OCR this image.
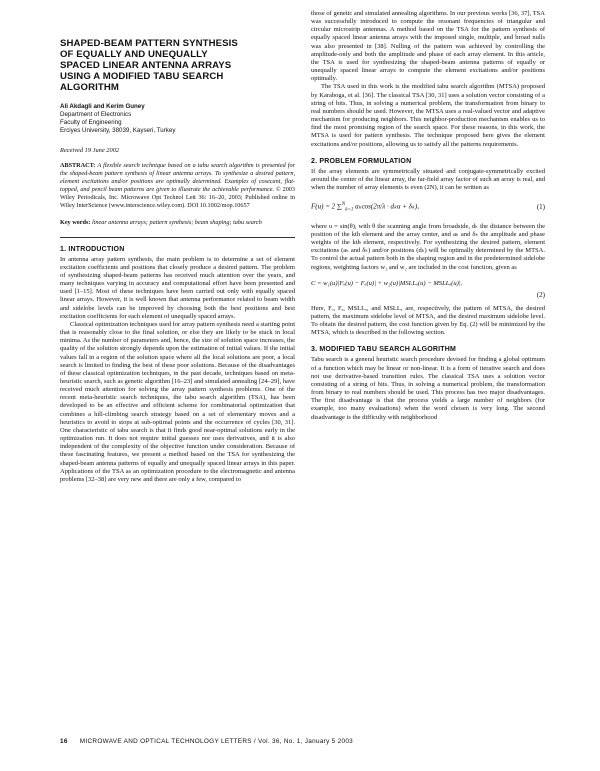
SHAPED-BEAM PATTERN SYNTHESIS
OF EQUALLY AND UNEQUALLY
SPACED LINEAR ANTENNA ARRAYS
USING A MODIFIED TABU SEARCH
ALGORITHM
Ali Akdagli and Kerim Guney
Department of Electronics
Faculty of Engineering
Erciyes University, 38039, Kayseri, Turkey
Received 19 June 2002
ABSTRACT: A flexible search technique based on a tabu search algorithm is presented for the shaped-beam pattern synthesis of linear antenna arrays. To synthesize a desired pattern, element excitations and/or positions are optimally determined. Examples of cosecant, flat-topped, and pencil beam patterns are given to illustrate the achievable performance. © 2003 Wiley Periodicals, Inc. Microwave Opt Technol Lett 36: 16–20, 2003; Published online in Wiley InterScience (www.interscience.wiley.com). DOI 10.1002/mop.10657
Key words: linear antenna arrays; pattern synthesis; beam shaping; tabu search
1. INTRODUCTION

In antenna array pattern synthesis, the main problem is to determine a set of element excitation coefficients and positions that closely produce a desired pattern. The problem of synthesizing shaped-beam patterns has received much attention over the years, and many techniques varying in accuracy and computational effort have been presented and used [1–15]. Most of these techniques have been carried out only with equally spaced linear arrays. However, it is well known that antenna performance related to beam width and sidelobe levels can be improved by choosing both the best positions and best excitation coefficients for each element of unequally spaced arrays.

Classical optimization techniques used for array pattern synthesis need a starting point that is reasonably close to the final solution, or else they are likely to be stuck in local minima. As the number of parameters and, hence, the size of solution space increases, the quality of the solution strongly depends upon the estimation of initial values. If the initial values fall in a region of the solution space where all the local solutions are poor, a local search is limited to finding the best of these poor solutions. Because of the disadvantages of these classical optimization techniques, in the past decade, techniques based on meta-heuristic search, such as genetic algorithm [16–23] and simulated annealing [24–29], have received much attention for solving the array pattern synthesis problems. One of the recent meta-heuristic search techniques, the tabu search algorithm (TSA), has been developed to be an effective and efficient scheme for combinatorial optimization that combines a hill-climbing search strategy based on a set of elementary moves and a heuristics to avoid to stops at sub-optimal points and the occurrence of cycles [30, 31]. One characteristic of tabu search is that it finds good near-optimal solutions early in the optimization run. It does not require initial guesses nor uses derivatives, and it is also independent of the complexity of the objective function under consideration. Because of these fascinating features, we present a method based on the TSA for synthesizing the shaped-beam antenna patterns of equally and unequally spaced linear arrays in this paper. Applications of the TSA as an optimization procedure to the electromagnetic and antenna problems [32–38] are very new and there are only a few, compared to

those of genetic and simulated annealing algorithms. In our previous works [36, 37], TSA was successfully introduced to compute the resonant frequencies of triangular and circular microstrip antennas. A method based on the TSA for the pattern synthesis of equally spaced linear antenna arrays with the imposed single, multiple, and broad nulls was also presented in [38]. Nulling of the pattern was achieved by controlling the amplitude-only and both the amplitude and phase of each array element. In this article, the TSA is used for synthesizing the shaped-beam antenna patterns of equally or unequally spaced linear arrays to compute the element excitations and/or positions optimally.

The TSA used in this work is the modified tabu search algorithm (MTSA) proposed by Karaboga, et al. [36]. The classical TSA [30, 31] uses a solution vector consisting of a string of bits. Thus, in solving a numerical problem, the transformation from binary to real numbers should be used. However, the MTSA uses a real-valued vector and adaptive mechanism for producing neighbors. This neighbor-production mechanism enables us to find the most promising region of the search space. For these reasons, in this work, the MTSA is used for pattern synthesis. The technique proposed here gives the element excitations and/or positions, allowing us to satisfy all the patterns requirements.

2. PROBLEM FORMULATION

If the array elements are symmetrically situated and conjugate-symmetrically excited around the center of the linear array, the far-field array factor of such an array is real, and when the number of array elements is even (2N), it can be written as

F(u) = 2 ∑$^N_{k=1}$ aₖcos(2π/λ · dₖu + δₖ),	(1)

where u = sin(θ), with θ the scanning angle from broadside, dₖ the distance between the position of the kth element and the array center, and aₖ and δₖ the amplitude and phase weights of the kth element, respectively. For synthesizing the desired pattern, element excitations (aₖ and δₖ) and/or positions (dₖ) will be optimally determined by the MTSA. To control the actual pattern both in the shaping region and in the predetermined sidelobe regions, weighting factors w₁ and w₂ are included in the cost function, given as

C = w₁(u)|Fₒ(u) − Fₑ(u)| + w₂(u)|MSLLₒ(u) − MSLLₑ(u)|.
(2)

Here, Fₒ, Fₑ, MSLLₒ, and MSLLₑ are, respectively, the pattern of MTSA, the desired pattern, the maximum sidelobe level of MTSA, and the desired maximum sidelobe level. To obtain the desired pattern, the cost function given by Eq. (2) will be minimized by the MTSA, which is described in the following section.

3. MODIFIED TABU SEARCH ALGORITHM

Tabu search is a general heuristic search procedure devised for finding a global optimum of a function which may be linear or non-linear. It is a form of iterative search and does not use derivative-based transition rules. The classical TSA uses a solution vector consisting of a string of bits. Thus, in solving a numerical problem, the transformation from binary to real numbers should be used. This process has two major disadvantages. The first disadvantage is that the process yields a large number of neighbors (for example, too many evaluations) when the word chosen is very long. The second disadvantage is the difficulty with neighborhood

16 MICROWAVE AND OPTICAL TECHNOLOGY LETTERS / Vol. 36, No. 1, January 5 2003
